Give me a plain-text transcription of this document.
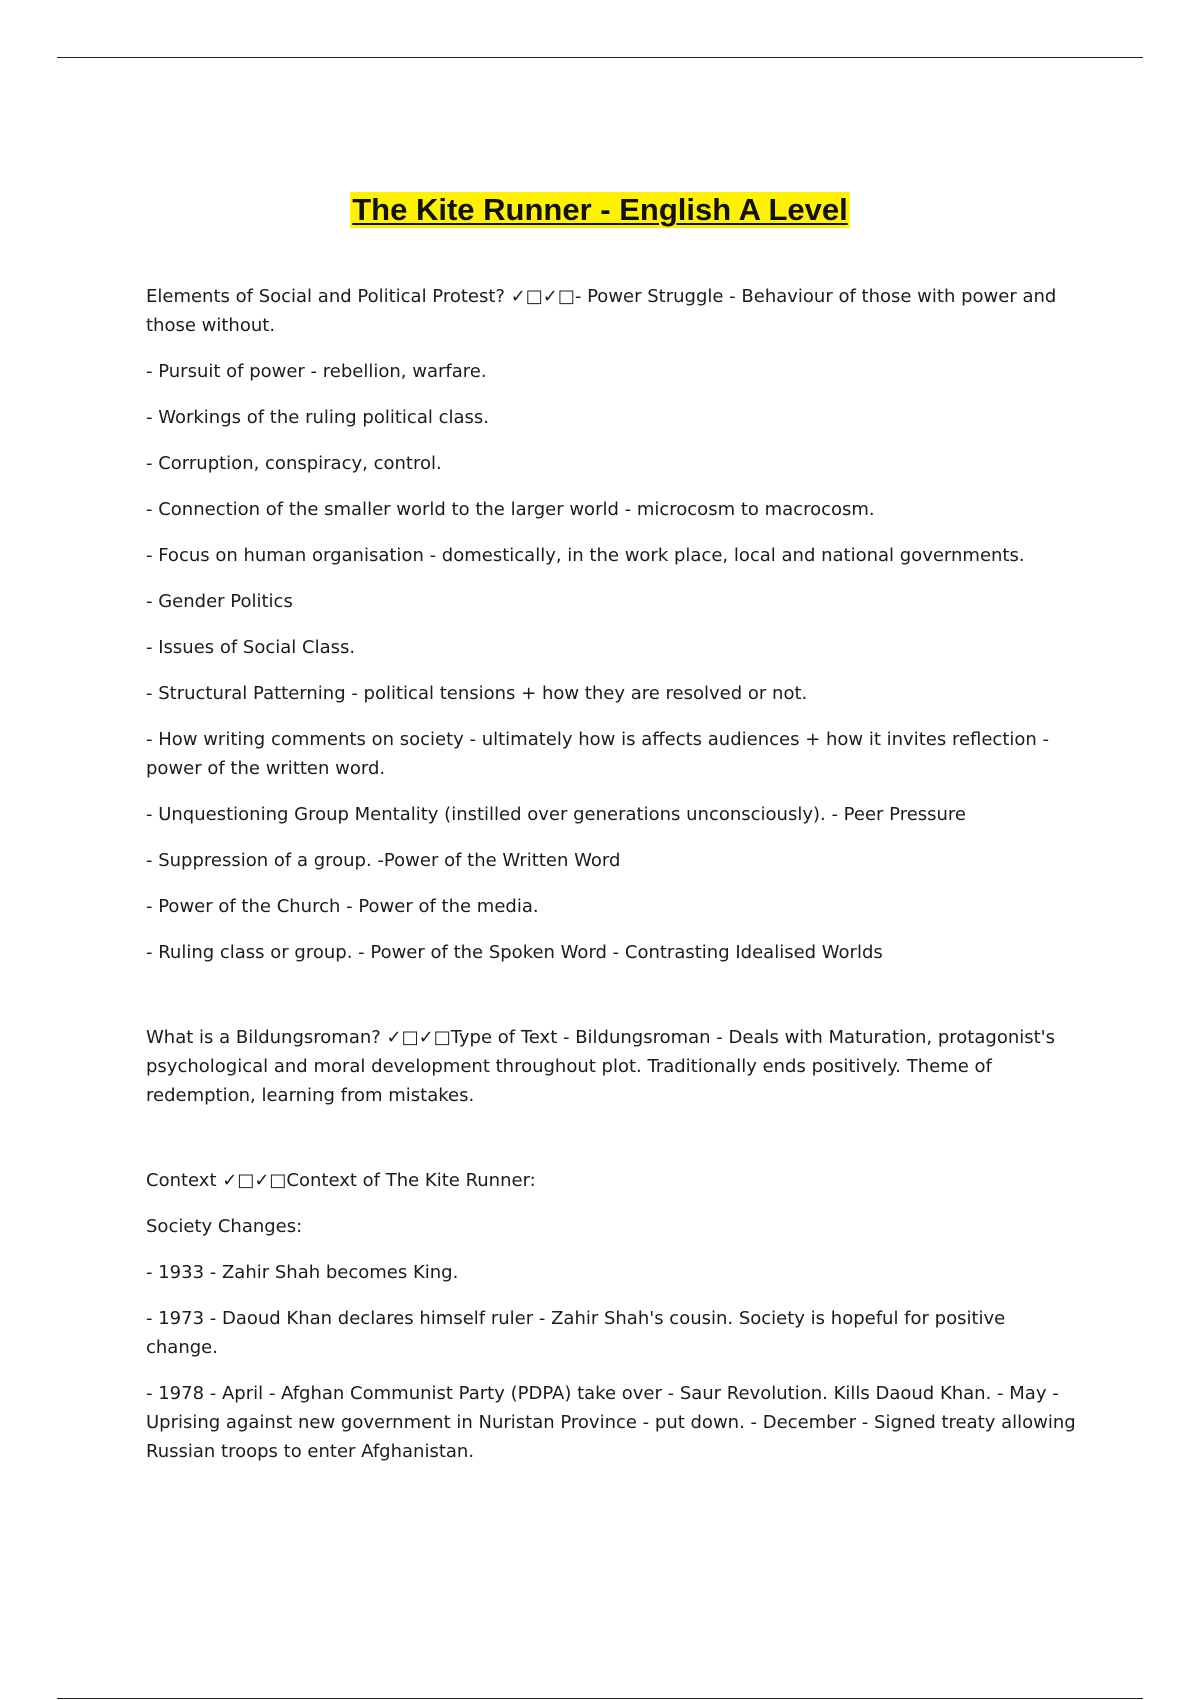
The Kite Runner - English A Level

Elements of Social and Political Protest? ✓□✓□- Power Struggle - Behaviour of those with power and those without.

- Pursuit of power - rebellion, warfare.

- Workings of the ruling political class.

- Corruption, conspiracy, control.

- Connection of the smaller world to the larger world - microcosm to macrocosm.

- Focus on human organisation - domestically, in the work place, local and national governments.

- Gender Politics

- Issues of Social Class.

- Structural Patterning - political tensions + how they are resolved or not.

- How writing comments on society - ultimately how is affects audiences + how it invites reflection - power of the written word.

- Unquestioning Group Mentality (instilled over generations unconsciously). - Peer Pressure

- Suppression of a group. -Power of the Written Word

- Power of the Church - Power of the media.

- Ruling class or group. - Power of the Spoken Word - Contrasting Idealised Worlds

What is a Bildungsroman? ✓□✓□Type of Text - Bildungsroman - Deals with Maturation, protagonist's psychological and moral development throughout plot. Traditionally ends positively. Theme of redemption, learning from mistakes.

Context ✓□✓□Context of The Kite Runner:

Society Changes:

- 1933 - Zahir Shah becomes King.

- 1973 - Daoud Khan declares himself ruler - Zahir Shah's cousin. Society is hopeful for positive change.

- 1978 - April - Afghan Communist Party (PDPA) take over - Saur Revolution. Kills Daoud Khan. - May - Uprising against new government in Nuristan Province - put down. - December - Signed treaty allowing Russian troops to enter Afghanistan.
